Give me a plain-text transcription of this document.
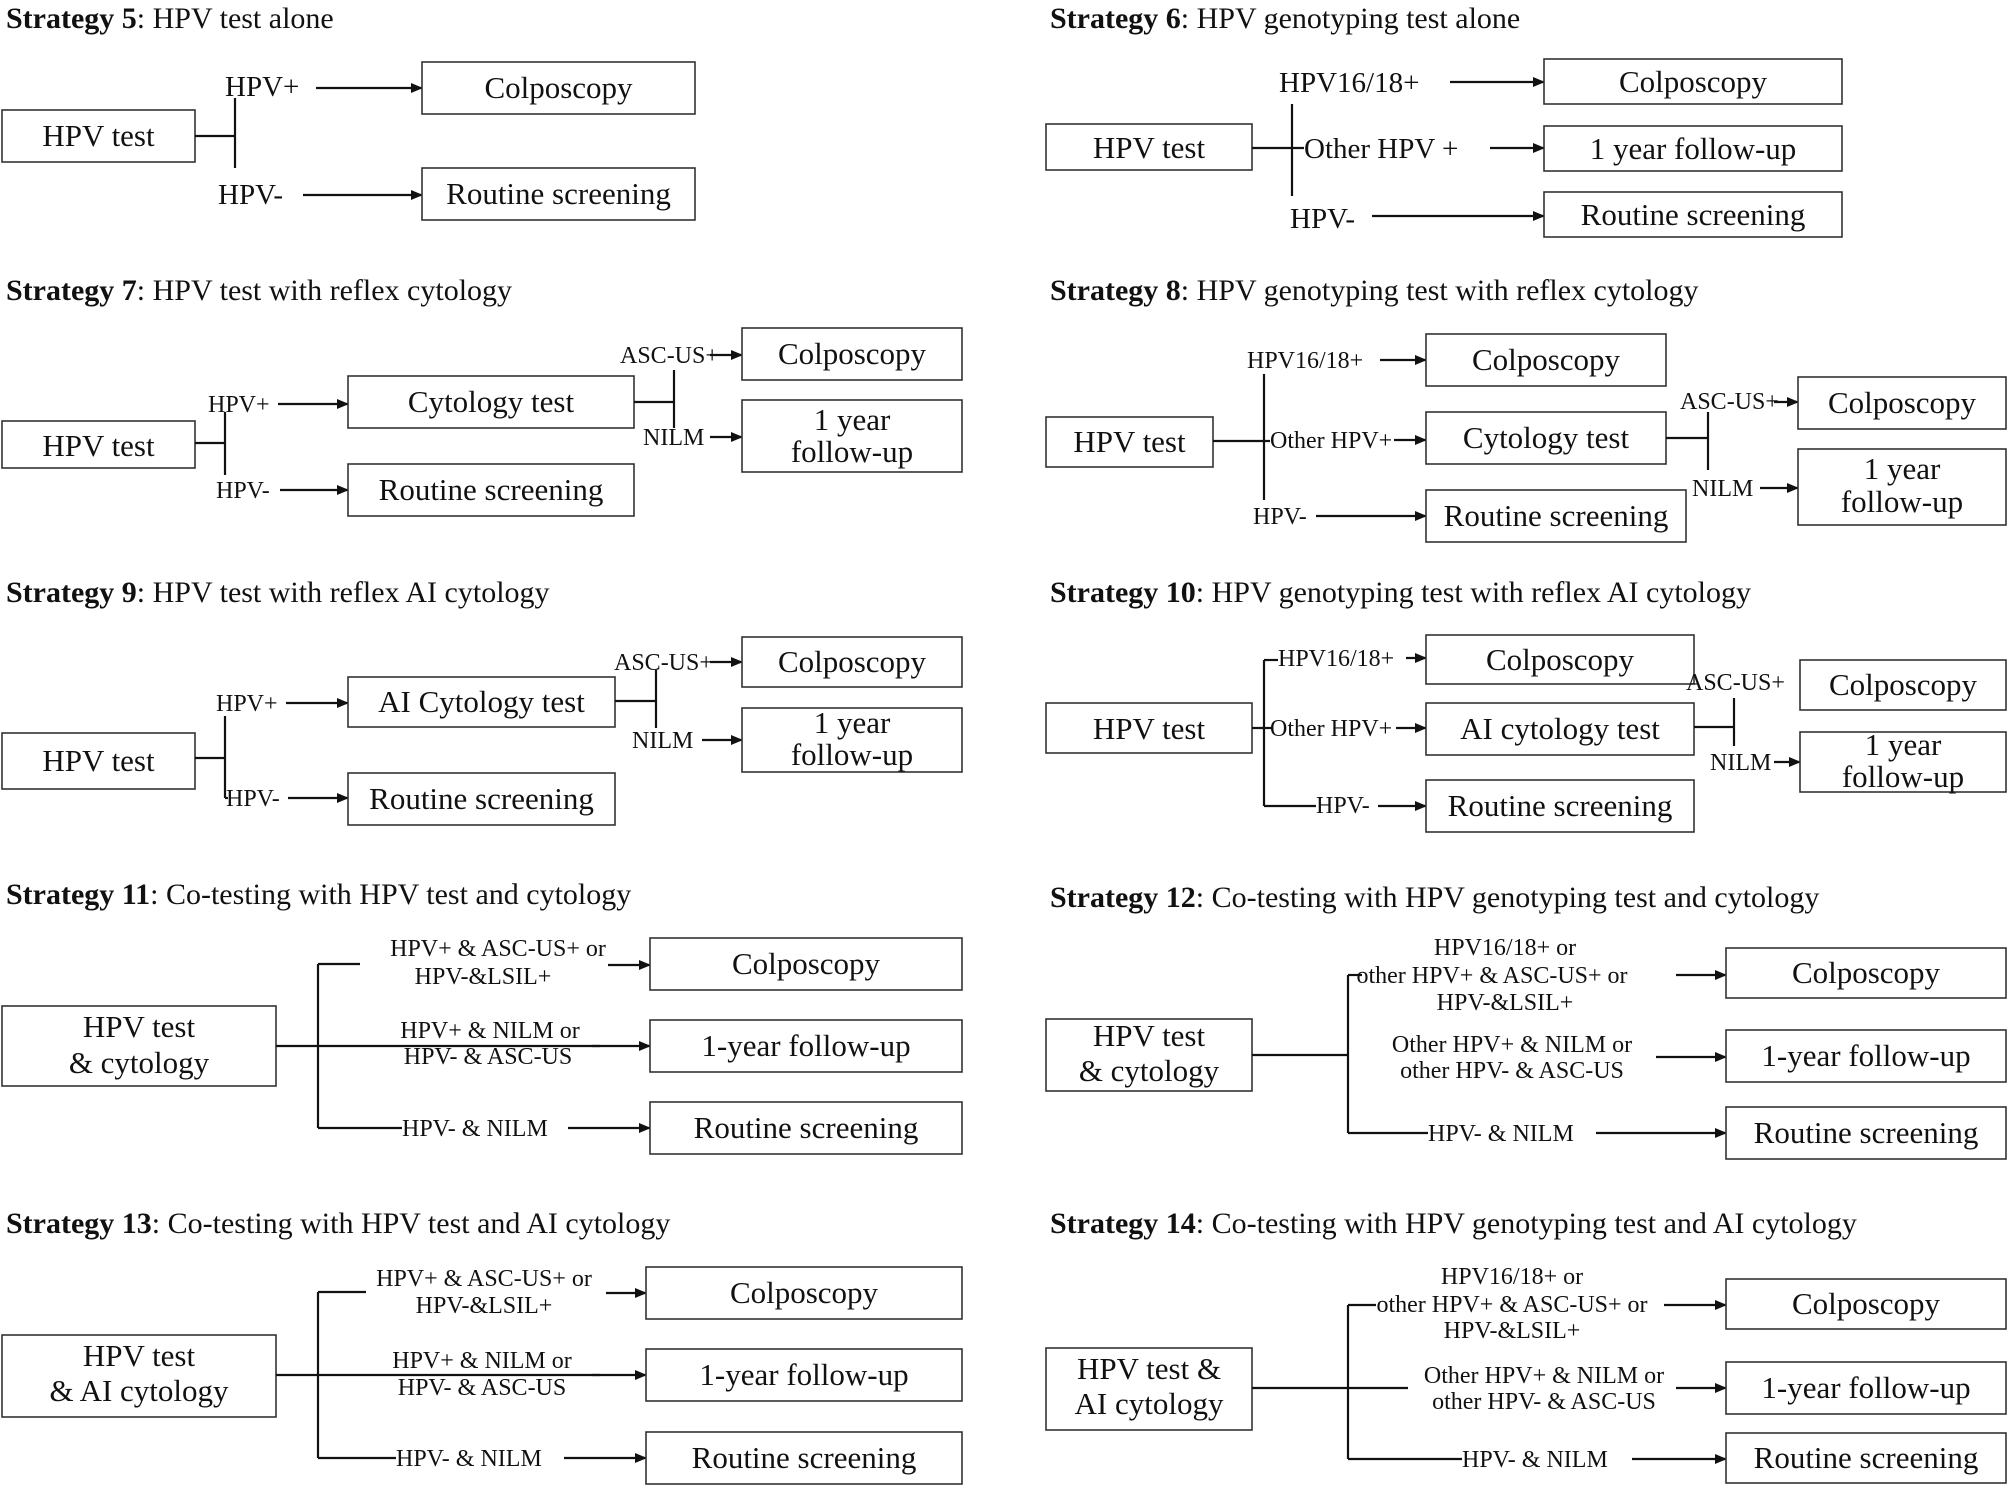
Strategy 5: HPV test alone
HPV test
HPV+	Colposcopy
HPV-	Routine screening
Strategy 6: HPV genotyping test alone
HPV test
HPV16/18+	Colposcopy
Other HPV +	1 year follow-up
HPV-	Routine screening
Strategy 7: HPV test with reflex cytology
HPV test
HPV+	Cytology test
HPV-	Routine screening
ASC-US+ Colposcopy
NILM
1 year
follow-up
Strategy 8: HPV genotyping test with reflex cytology
HPV test
HPV16/18+	Colposcopy
Other HPV+ Cytology test
HPV-	Routine screening
ASC-US+ Colposcopy
NILM
1 year
follow-up
Strategy 9: HPV test with reflex AI cytology
HPV test
HPV+	AI Cytology test
HPV-	Routine screening
ASC-US+ Colposcopy
NILM
1 year
follow-up
Strategy 10: HPV genotyping test with reflex AI cytology
HPV test
HPV16/18+	Colposcopy
Other HPV+ AI cytology test
HPV-	Routine screening
ASC-US+ Colposcopy
NILM
1 year
follow-up
Strategy 11: Co-testing with HPV test and cytology
HPV test
& cytology
HPV+ & ASC-US+ or
HPV-&LSIL+	Colposcopy
HPV+ & NILM or
HPV- & ASC-US	1-year follow-up
HPV- & NILM	Routine screening
Strategy 12: Co-testing with HPV genotyping test and cytology
HPV test
& cytology
HPV16/18+ or
other HPV+ & ASC-US+ or
HPV-&LSIL+
Colposcopy
Other HPV+ & NILM or
other HPV- & ASC-US	1-year follow-up
HPV- & NILM	Routine screening
Strategy 13: Co-testing with HPV test and AI cytology
HPV test
& AI cytology
HPV+ & ASC-US+ or
HPV-&LSIL+	Colposcopy
HPV+ & NILM or
HPV- & ASC-US	1-year follow-up
HPV- & NILM	Routine screening
Strategy 14: Co-testing with HPV genotyping test and AI cytology
HPV test &
AI cytology
HPV16/18+ or
other HPV+ & ASC-US+ or
HPV-&LSIL+
Colposcopy
Other HPV+ & NILM or
other HPV- & ASC-US	1-year follow-up
HPV- & NILM	Routine screening
